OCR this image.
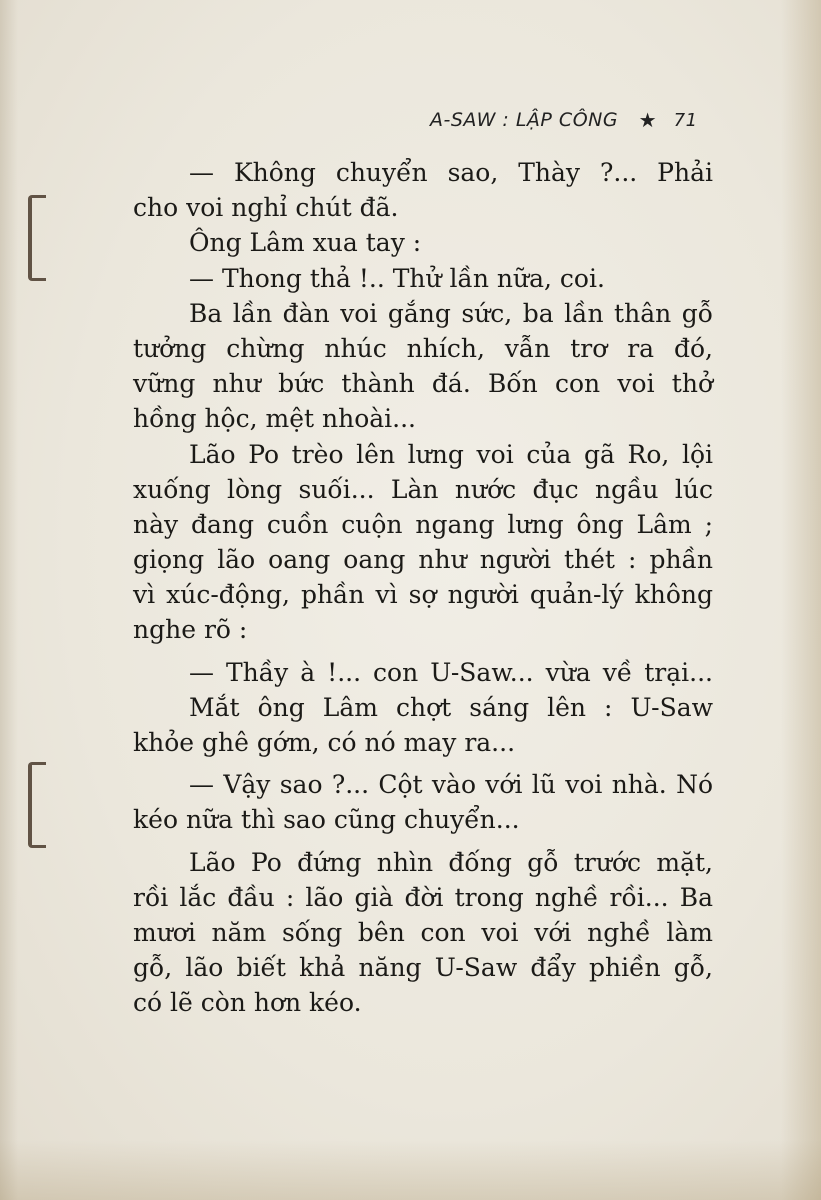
A-SAW : LẬP CÔNG ★ 71
— Không chuyển sao, Thày ?... Phải
cho voi nghỉ chút đã.
Ông Lâm xua tay :
— Thong thả !.. Thử lần nữa, coi.
Ba lần đàn voi gắng sức, ba lần thân gỗ
tưởng chừng nhúc nhích, vẫn trơ ra đó,
vững như bức thành đá. Bốn con voi thở
hồng hộc, mệt nhoài...
Lão Po trèo lên lưng voi của gã Ro, lội
xuống lòng suối... Làn nước đục ngầu lúc
này đang cuồn cuộn ngang lưng ông Lâm ;
giọng lão oang oang như người thét : phần
vì xúc-động, phần vì sợ người quản-lý không
nghe rõ :
— Thầy à !... con U-Saw... vừa về trại...
Mắt ông Lâm chợt sáng lên : U-Saw
khỏe ghê gớm, có nó may ra...
— Vậy sao ?... Cột vào với lũ voi nhà. Nó
kéo nữa thì sao cũng chuyển...
Lão Po đứng nhìn đống gỗ trước mặt,
rồi lắc đầu : lão già đời trong nghề rồi... Ba
mươi năm sống bên con voi với nghề làm
gỗ, lão biết khả năng U-Saw đẩy phiền gỗ,
có lẽ còn hơn kéo.
